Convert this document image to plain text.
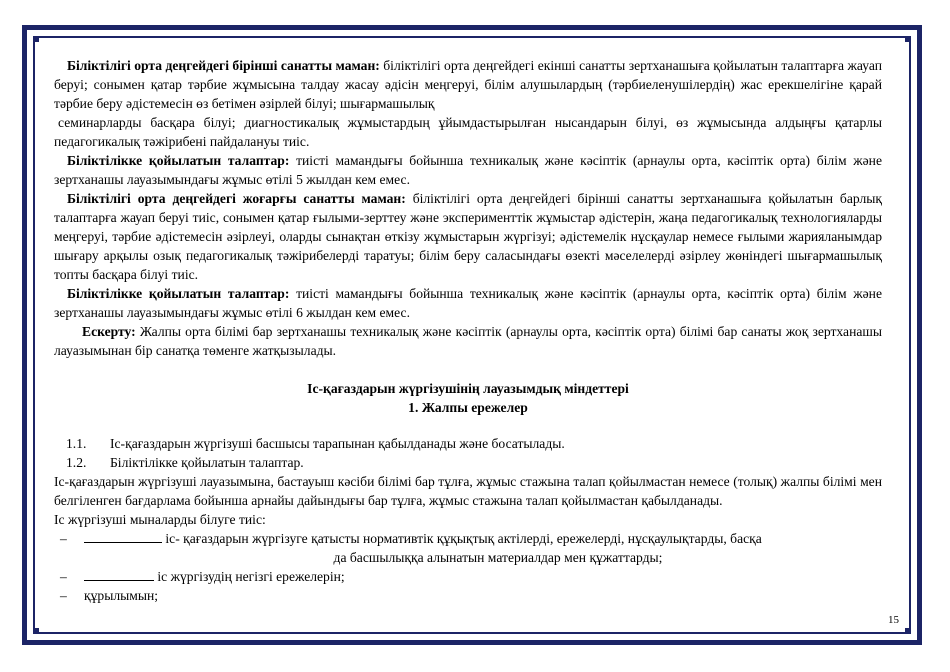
Біліктілігі орта деңгейдегі бірінші санатты маман: біліктілігі орта деңгейдегі екінші санатты зертханашыға қойылатын талаптарға жауап беруі; сонымен қатар тәрбие жұмысына талдау жасау әдісін меңгеруі, білім алушылардың (тәрбиеленушілердің) жас ерекшелігіне қарай тәрбие беру әдістемесін өз бетімен әзірлей білуі; шығармашылық

семинарларды басқара білуі; диагностикалық жұмыстардың ұйымдастырылған нысандарын білуі, өз жұмысында алдыңғы қатарлы педагогикалық тәжірибені пайдалануы тиіс.

Біліктілікке қойылатын талаптар: тиісті мамандығы бойынша техникалық және кәсіптік (арнаулы орта, кәсіптік орта) білім және зертханашы лауазымындағы жұмыс өтілі 5 жылдан кем емес.

Біліктілігі орта деңгейдегі жоғарғы санатты маман: біліктілігі орта деңгейдегі бірінші санатты зертханашыға қойылатын барлық талаптарға жауап беруі тиіс, сонымен қатар ғылыми-зерттеу және эксперименттік жұмыстар әдістерін, жаңа педагогикалық технологияларды меңгеруі, тәрбие әдістемесін әзірлеуі, оларды сынақтан өткізу жұмыстарын жүргізуі; әдістемелік нұсқаулар немесе ғылыми жарияланымдар шығару арқылы озық педагогикалық тәжірибелерді таратуы; білім беру саласындағы өзекті мәселелерді әзірлеу жөніндегі шығармашылық топты басқара білуі тиіс.

Біліктілікке қойылатын талаптар: тиісті мамандығы бойынша техникалық және кәсіптік (арнаулы орта, кәсіптік орта) білім және зертханашы лауазымындағы жұмыс өтілі 6 жылдан кем емес.

Ескерту: Жалпы орта білімі бар зертханашы техникалық және кәсіптік (арнаулы орта, кәсіптік орта) білімі бар санаты жоқ зертханашы лауазымынан бір санатқа төменге жатқызылады.

Іс-қағаздарын жүргізушінің лауазымдық міндеттері

1. Жалпы ережелер

1.1.	Іс-қағаздарын жүргізуші басшысы тарапынан қабылданады және босатылады.
1.2.	Біліктілікке қойылатын талаптар.

Іс-қағаздарын жүргізуші лауазымына, бастауыш кәсіби білімі бар тұлға, жұмыс стажына талап қойылмастан немесе (толық) жалпы білімі мен белгіленген бағдарлама бойынша арнайы дайындығы бар тұлға, жұмыс стажына талап қойылмастан қабылданады.

Іс жүргізуші мыналарды білуге тиіс:

–	іс- қағаздарын жүргізуге қатысты нормативтік құқықтық актілерді, ережелерді, нұсқаулықтарды, басқа
да басшылыққа алынатын материалдар мен құжаттарды;
–	іс жүргізудің негізгі ережелерін;
–	құрылымын;
15
